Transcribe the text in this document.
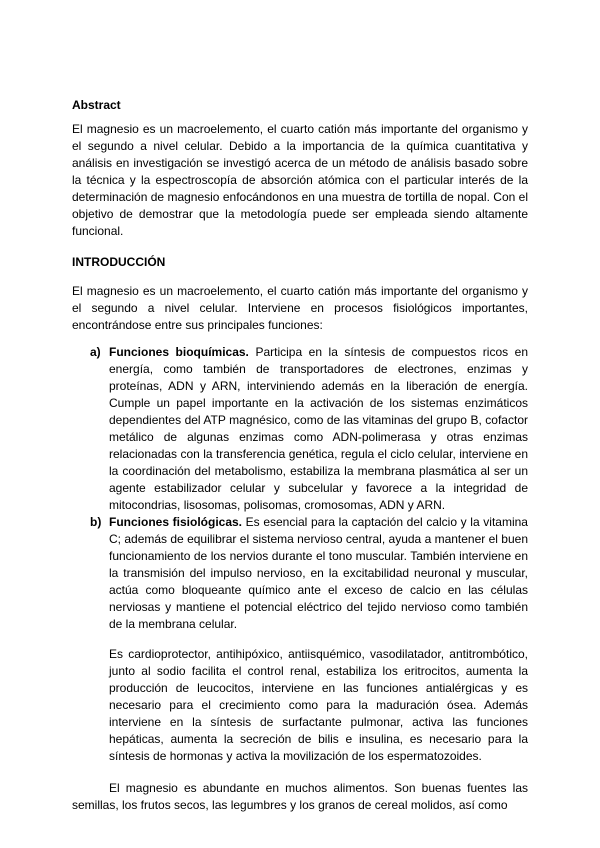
Abstract

El magnesio es un macroelemento, el cuarto catión más importante del organismo y el segundo a nivel celular. Debido a la importancia de la química cuantitativa y análisis en investigación se investigó acerca de un método de análisis basado sobre la técnica y la espectroscopía de absorción atómica con el particular interés de la determinación de magnesio enfocándonos en una muestra de tortilla de nopal. Con el objetivo de demostrar que la metodología puede ser empleada siendo altamente funcional.

INTRODUCCIÓN

El magnesio es un macroelemento, el cuarto catión más importante del organismo y el segundo a nivel celular. Interviene en procesos fisiológicos importantes, encontrándose entre sus principales funciones:

a) Funciones bioquímicas. Participa en la síntesis de compuestos ricos en energía, como también de transportadores de electrones, enzimas y proteínas, ADN y ARN, interviniendo además en la liberación de energía. Cumple un papel importante en la activación de los sistemas enzimáticos dependientes del ATP magnésico, como de las vitaminas del grupo B, cofactor metálico de algunas enzimas como ADN-polimerasa y otras enzimas relacionadas con la transferencia genética, regula el ciclo celular, interviene en la coordinación del metabolismo, estabiliza la membrana plasmática al ser un agente estabilizador celular y subcelular y favorece a la integridad de mitocondrias, lisosomas, polisomas, cromosomas, ADN y ARN.
b) Funciones fisiológicas. Es esencial para la captación del calcio y la vitamina C; además de equilibrar el sistema nervioso central, ayuda a mantener el buen funcionamiento de los nervios durante el tono muscular. También interviene en la transmisión del impulso nervioso, en la excitabilidad neuronal y muscular, actúa como bloqueante químico ante el exceso de calcio en las células nerviosas y mantiene el potencial eléctrico del tejido nervioso como también de la membrana celular.

Es cardioprotector, antihipóxico, antiisquémico, vasodilatador, antitrombótico, junto al sodio facilita el control renal, estabiliza los eritrocitos, aumenta la producción de leucocitos, interviene en las funciones antialérgicas y es necesario para el crecimiento como para la maduración ósea. Además interviene en la síntesis de surfactante pulmonar, activa las funciones hepáticas, aumenta la secreción de bilis e insulina, es necesario para la síntesis de hormonas y activa la movilización de los espermatozoides.

El magnesio es abundante en muchos alimentos. Son buenas fuentes las semillas, los frutos secos, las legumbres y los granos de cereal molidos, así como
